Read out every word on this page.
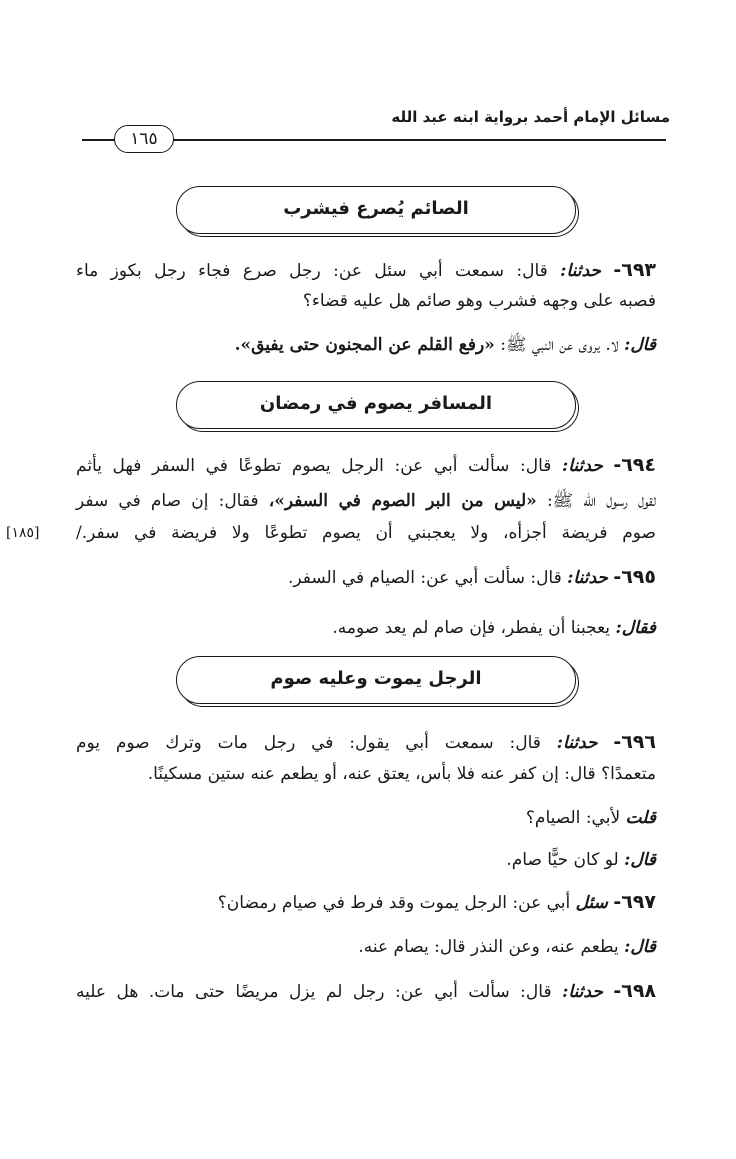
مسائل الإمام أحمد برواية ابنه عبد الله
١٦٥
الصائم يُصرع فيشرب
٦٩٣- حدثنا: قال: سمعت أبي سئل عن: رجل صرع فجاء رجل بكوز ماء
فصبه على وجهه فشرب وهو صائم هل عليه قضاء؟
قال: لا. يروى عن النبي ﷺ: «رفع القلم عن المجنون حتى يفيق».
المسافر يصوم في رمضان
٦٩٤- حدثنا: قال: سألت أبي عن: الرجل يصوم تطوعًا في السفر فهل يأثم
لقول رسول الله ﷺ: «ليس من البر الصوم في السفر»، فقال: إن صام في سفر
صوم فريضة أجزأه، ولا يعجبني أن يصوم تطوعًا ولا فريضة في سفر./
[١٨٥]
٦٩٥- حدثنا: قال: سألت أبي عن: الصيام في السفر.
فقال: يعجبنا أن يفطر، فإن صام لم يعد صومه.
الرجل يموت وعليه صوم
٦٩٦- حدثنا: قال: سمعت أبي يقول: في رجل مات وترك صوم يوم
متعمدًا؟ قال: إن كفر عنه فلا بأس، يعتق عنه، أو يطعم عنه ستين مسكينًا.
قلت لأبي: الصيام؟
قال: لو كان حيًّا صام.
٦٩٧- سئل أبي عن: الرجل يموت وقد فرط في صيام رمضان؟
قال: يطعم عنه، وعن النذر قال: يصام عنه.
٦٩٨- حدثنا: قال: سألت أبي عن: رجل لم يزل مريضًا حتى مات. هل عليه
